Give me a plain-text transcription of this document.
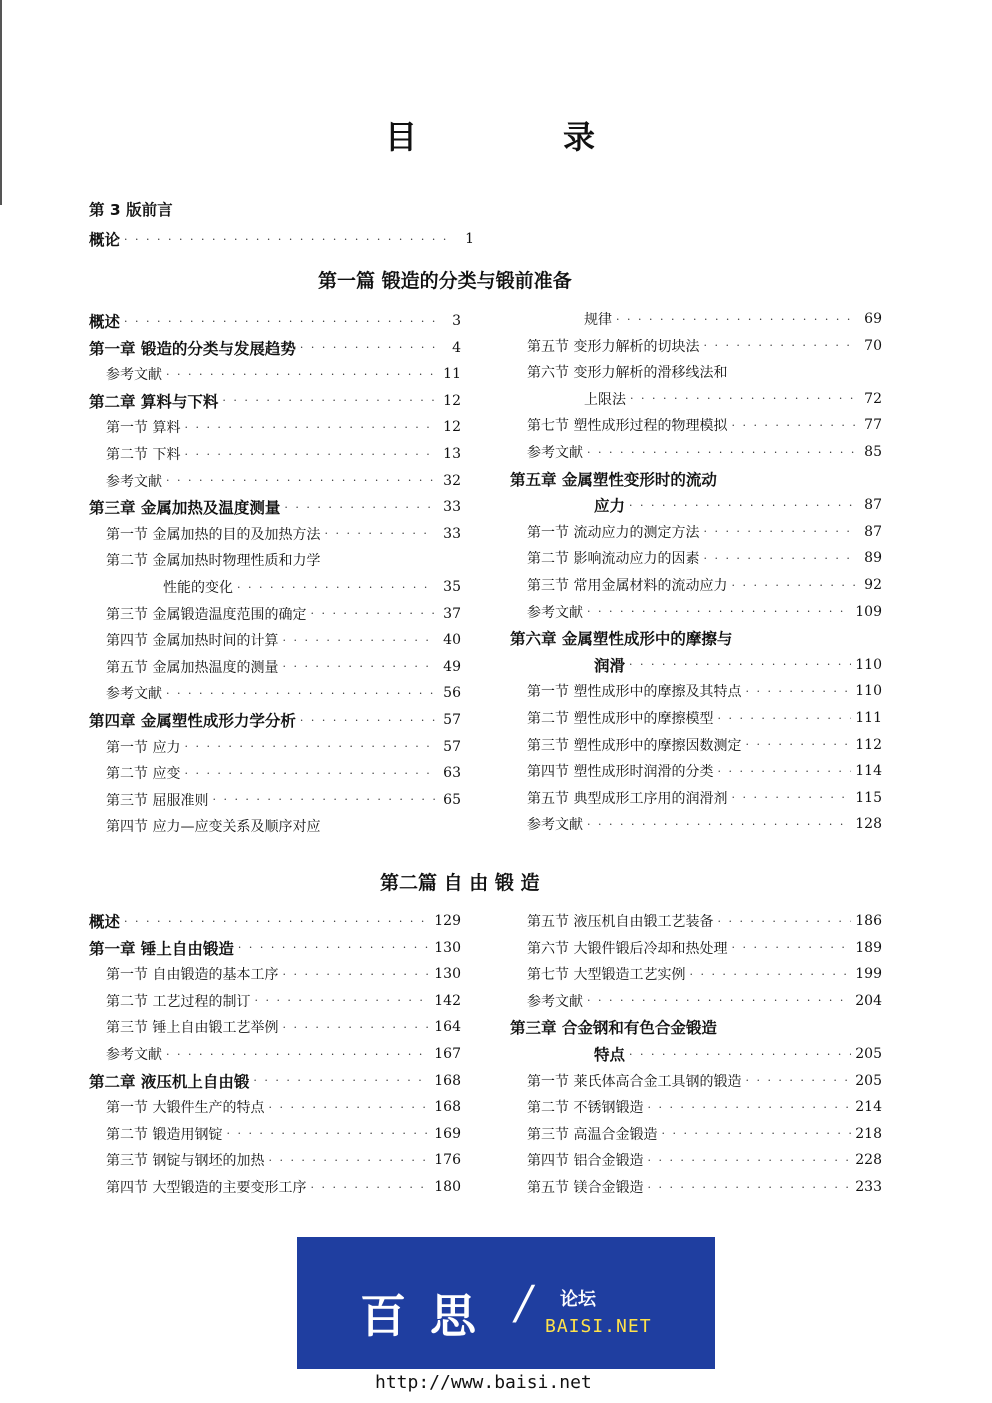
目	录
第 3 版前言
概论 · · ·	1
第一篇 锻造的分类与锻前准备
概述 · · ·	3
第一章 锻造的分类与发展趋势 · · ·	4
参考文献 · · ·	11
第二章 算料与下料 · · ·	12
第一节 算料 · · ·	12
第二节 下料 · · ·	13
参考文献 · · ·	32
第三章 金属加热及温度测量 · · ·	33
第一节 金属加热的目的及加热方法 · · ·	33
第二节 金属加热时物理性质和力学
性能的变化 · · ·	35
第三节 金属锻造温度范围的确定 · · ·	37
第四节 金属加热时间的计算 · · ·	40
第五节 金属加热温度的测量 · · ·	49
参考文献 · · ·	56
第四章 金属塑性成形力学分析 · · ·	57
第一节 应力 · · ·	57
第二节 应变 · · ·	63
第三节 屈服准则 · · ·	65
第四节 应力—应变关系及顺序对应
规律 · · ·	69
第五节 变形力解析的切块法 · · ·	70
第六节 变形力解析的滑移线法和
上限法 · · ·	72
第七节 塑性成形过程的物理模拟 · · ·	77
参考文献 · · ·	85
第五章 金属塑性变形时的流动
应力 · · ·	87
第一节 流动应力的测定方法 · · ·	87
第二节 影响流动应力的因素 · · ·	89
第三节 常用金属材料的流动应力 · · ·	92
参考文献 · · ·	109
第六章 金属塑性成形中的摩擦与
润滑 · · ·	110
第一节 塑性成形中的摩擦及其特点 · · ·	110
第二节 塑性成形中的摩擦模型 · · ·	111
第三节 塑性成形中的摩擦因数测定 · · ·	112
第四节 塑性成形时润滑的分类 · · ·	114
第五节 典型成形工序用的润滑剂 · · ·	115
参考文献 · · ·	128
第二篇 自 由 锻 造
概述 · · ·	129
第一章 锤上自由锻造 · · ·	130
第一节 自由锻造的基本工序 · · ·	130
第二节 工艺过程的制订 · · ·	142
第三节 锤上自由锻工艺举例 · · ·	164
参考文献 · · ·	167
第二章 液压机上自由锻 · · ·	168
第一节 大锻件生产的特点 · · ·	168
第二节 锻造用钢锭 · · ·	169
第三节 钢锭与钢坯的加热 · · ·	176
第四节 大型锻造的主要变形工序 · · ·	180
第五节 液压机自由锻工艺装备 · · ·	186
第六节 大锻件锻后冷却和热处理 · · ·	189
第七节 大型锻造工艺实例 · · ·	199
参考文献 · · ·	204
第三章 合金钢和有色合金锻造
特点 · · ·	205
第一节 莱氏体高合金工具钢的锻造 · · ·	205
第二节 不锈钢锻造 · · ·	214
第三节 高温合金锻造 · · ·	218
第四节 铝合金锻造 · · ·	228
第五节 镁合金锻造 · · ·	233
百 思 / 论坛
BAISI.NET
http://www.baisi.net
